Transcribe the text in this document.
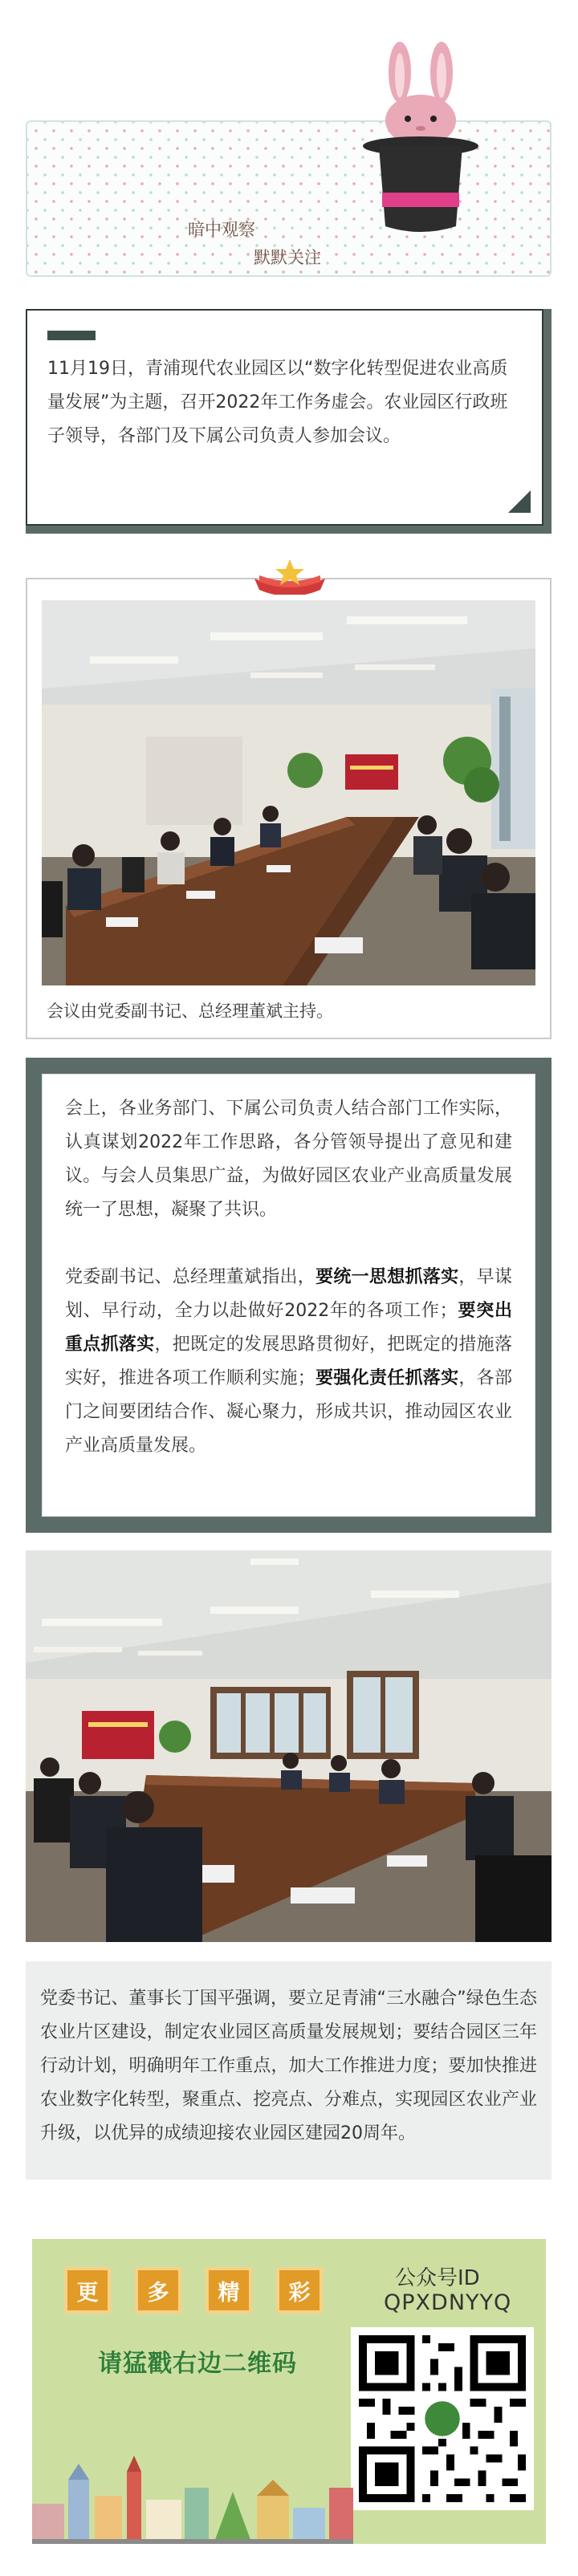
暗中观察
默默关注
11月19日，青浦现代农业园区以“数字化转型促进农业高质量发展”为主题，召开2022年工作务虚会。农业园区行政班子领导，各部门及下属公司负责人参加会议。
会议由党委副书记、总经理董斌主持。

会上，各业务部门、下属公司负责人结合部门工作实际，认真谋划2022年工作思路，各分管领导提出了意见和建议。与会人员集思广益，为做好园区农业产业高质量发展统一了思想，凝聚了共识。

党委副书记、总经理董斌指出，要统一思想抓落实，早谋划、早行动，全力以赴做好2022年的各项工作；要突出重点抓落实，把既定的发展思路贯彻好，把既定的措施落实好，推进各项工作顺利实施；要强化责任抓落实，各部门之间要团结合作、凝心聚力，形成共识，推动园区农业产业高质量发展。

党委书记、董事长丁国平强调，要立足青浦“三水融合”绿色生态农业片区建设，制定农业园区高质量发展规划；要结合园区三年行动计划，明确明年工作重点，加大工作推进力度；要加快推进农业数字化转型，聚重点、挖亮点、分难点，实现园区农业产业升级，以优异的成绩迎接农业园区建园20周年。

更	多	精	彩
请猛戳右边二维码
公众号ID
QPXDNYYQ
